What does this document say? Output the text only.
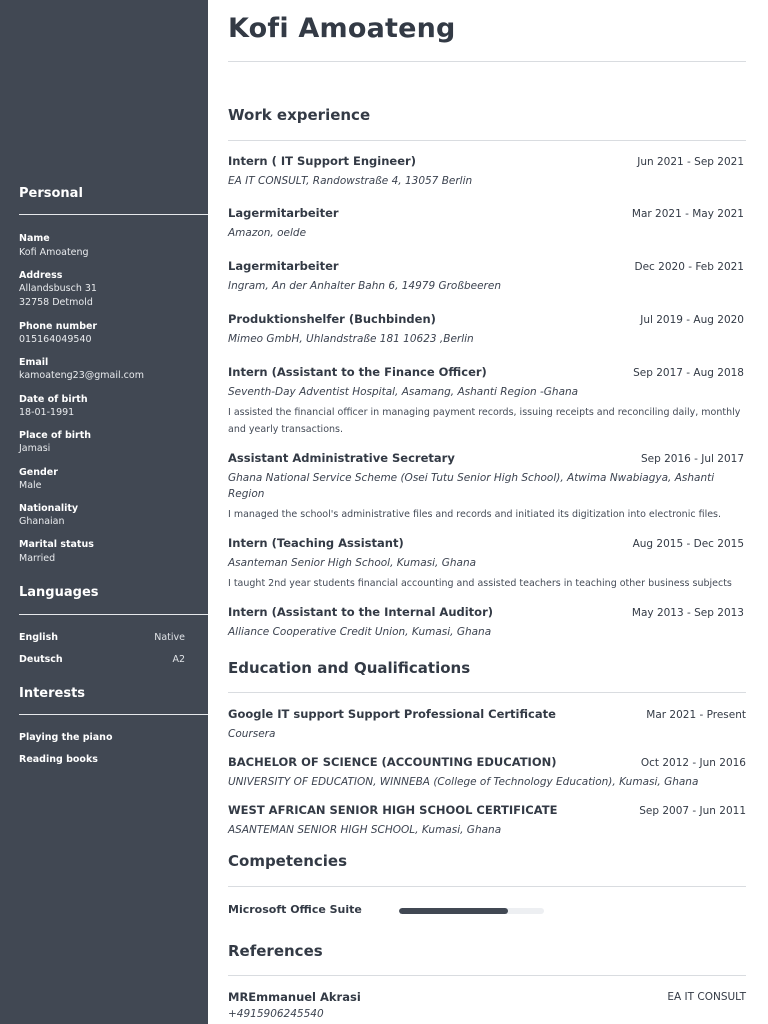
Personal
Name
Kofi Amoateng
Address
Allandsbusch 31
32758 Detmold
Phone number
015164049540
Email
kamoateng23@gmail.com
Date of birth
18-01-1991
Place of birth
Jamasi
Gender
Male
Nationality
Ghanaian
Marital status
Married
Languages
English	Native
Deutsch	A2
Interests
Playing the piano
Reading books
Kofi Amoateng
Work experience
Intern ( IT Support Engineer)	Jun 2021 - Sep 2021
EA IT CONSULT, Randowstraße 4, 13057 Berlin
Lagermitarbeiter	Mar 2021 - May 2021
Amazon, oelde
Lagermitarbeiter	Dec 2020 - Feb 2021
Ingram, An der Anhalter Bahn 6, 14979 Großbeeren
Produktionshelfer (Buchbinden)	Jul 2019 - Aug 2020
Mimeo GmbH, Uhlandstraße 181 10623 ,Berlin
Intern (Assistant to the Finance Officer)	Sep 2017 - Aug 2018
Seventh-Day Adventist Hospital, Asamang, Ashanti Region -Ghana
I assisted the financial officer in managing payment records, issuing receipts and reconciling daily, monthly and yearly transactions.
Assistant Administrative Secretary	Sep 2016 - Jul 2017
Ghana National Service Scheme (Osei Tutu Senior High School), Atwima Nwabiagya, Ashanti Region
I managed the school's administrative files and records and initiated its digitization into electronic files.
Intern (Teaching Assistant)	Aug 2015 - Dec 2015
Asanteman Senior High School, Kumasi, Ghana
I taught 2nd year students financial accounting and assisted teachers in teaching other business subjects
Intern (Assistant to the Internal Auditor)	May 2013 - Sep 2013
Alliance Cooperative Credit Union, Kumasi, Ghana
Education and Qualifications
Google IT support Support Professional Certificate	Mar 2021 - Present
Coursera
BACHELOR OF SCIENCE (ACCOUNTING EDUCATION)	Oct 2012 - Jun 2016
UNIVERSITY OF EDUCATION, WINNEBA (College of Technology Education), Kumasi, Ghana
WEST AFRICAN SENIOR HIGH SCHOOL CERTIFICATE	Sep 2007 - Jun 2011
ASANTEMAN SENIOR HIGH SCHOOL, Kumasi, Ghana
Competencies
Microsoft Office Suite
References
MREmmanuel Akrasi	EA IT CONSULT
+4915906245540
